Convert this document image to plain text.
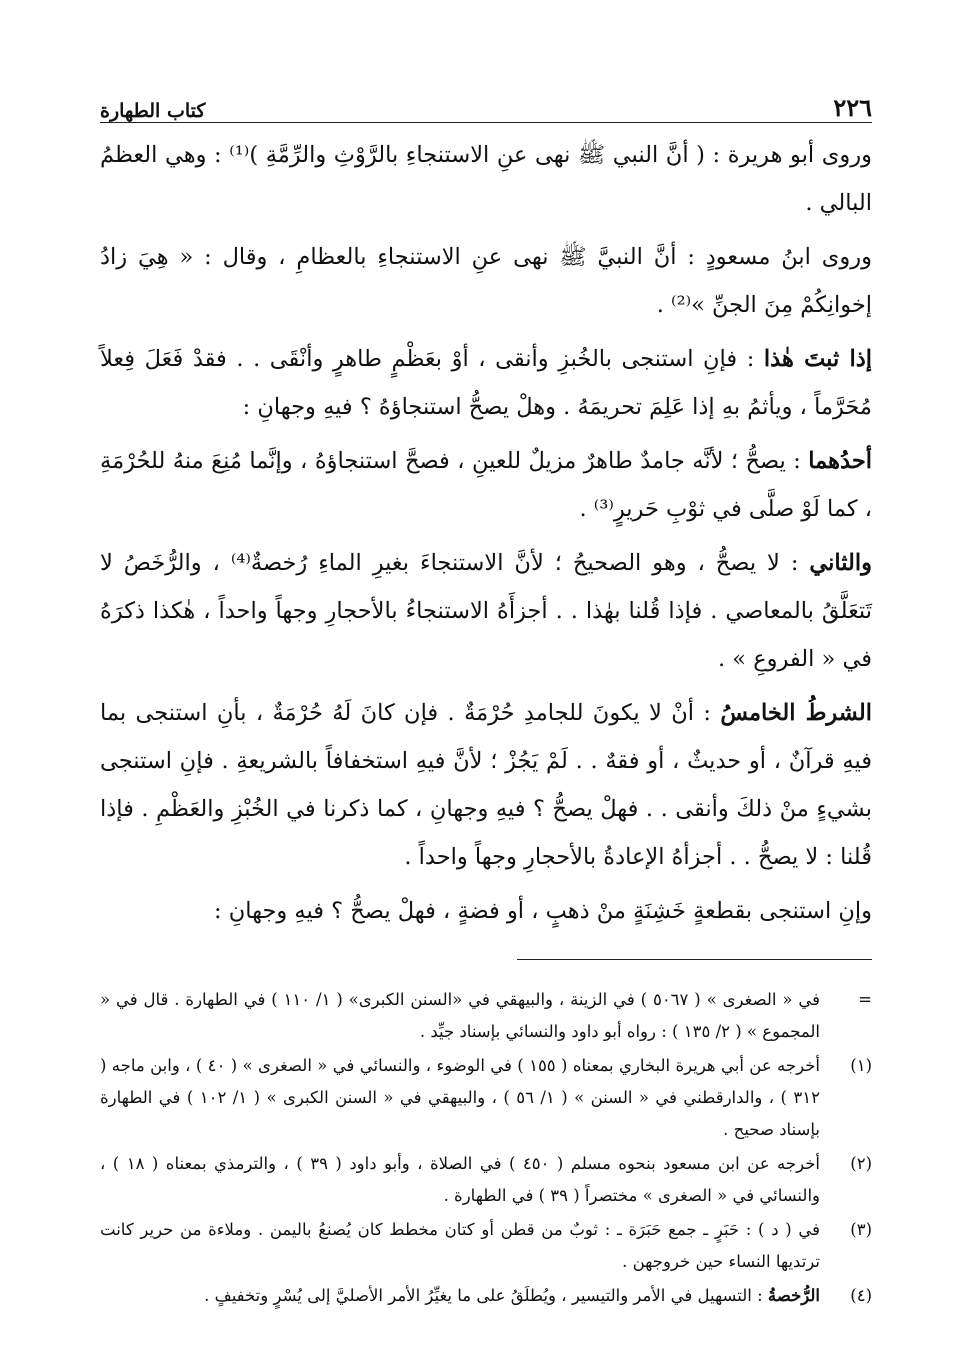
٢٢٦
كتاب الطهارة

وروى أبو هريرة : ( أنَّ النبي ﷺ نهى عنِ الاستنجاءِ بالرَّوْثِ والرِّمَّةِ )⁽¹⁾ : وهي العظمُ البالي .

وروى ابنُ مسعودٍ : أنَّ النبيَّ ﷺ نهى عنِ الاستنجاءِ بالعظامِ ، وقال : « هِيَ زادُ إخوانِكُمْ مِنَ الجنِّ »⁽²⁾ .

إذا ثبتَ هٰذا : فإنِ استنجى بالخُبزِ وأنقى ، أوْ بعَظْمٍ طاهرٍ وأنْقَى . . فقدْ فَعَلَ فِعلاً مُحَرَّماً ، ويأثمُ بهِ إذا عَلِمَ تحريمَهُ . وهلْ يصحُّ استنجاؤهُ ؟ فيهِ وجهانِ :

أحدُهما : يصحُّ ؛ لأنَّه جامدٌ طاهرٌ مزيلٌ للعينِ ، فصحَّ استنجاؤهُ ، وإنَّما مُنِعَ منهُ للحُرْمَةِ ، كما لَوْ صلَّى في ثوْبِ حَريرٍ⁽³⁾ .

والثاني : لا يصحُّ ، وهو الصحيحُ ؛ لأنَّ الاستنجاءَ بغيرِ الماءِ رُخصةٌ⁽⁴⁾ ، والرُّخَصُ لا تَتعَلَّقُ بالمعاصي . فإذا قُلنا بهٰذا . . أجزأَهُ الاستنجاءُ بالأحجارِ وجهاً واحداً ، هٰكذا ذكرَهُ في « الفروعِ » .

الشرطُ الخامسُ : أنْ لا يكونَ للجامدِ حُرْمَةٌ . فإن كانَ لَهُ حُرْمَةٌ ، بأنِ استنجى بما فيهِ قرآنٌ ، أو حديثٌ ، أو فقهٌ . . لَمْ يَجُزْ ؛ لأنَّ فيهِ استخفافاً بالشريعةِ . فإنِ استنجى بشيءٍ منْ ذلكَ وأنقى . . فهلْ يصحُّ ؟ فيهِ وجهانِ ، كما ذكرنا في الخُبْزِ والعَظْمِ . فإذا قُلنا : لا يصحُّ . . أجزأهُ الإعادةُ بالأحجارِ وجهاً واحداً .

وإنِ استنجى بقطعةٍ خَشِنَةٍ منْ ذهبٍ ، أو فضةٍ ، فهلْ يصحُّ ؟ فيهِ وجهانِ :

=
في « الصغرى » ( ٥٠٦٧ ) في الزينة ، والبيهقي في «السنن الكبرى» ( ١/ ١١٠ ) في الطهارة . قال في « المجموع » ( ٢/ ١٣٥ ) : رواه أبو داود والنسائي بإسناد جيِّد .
(١)
أخرجه عن أبي هريرة البخاري بمعناه ( ١٥٥ ) في الوضوء ، والنسائي في « الصغرى » ( ٤٠ ) ، وابن ماجه ( ٣١٢ ) ، والدارقطني في « السنن » ( ١/ ٥٦ ) ، والبيهقي في « السنن الكبرى » ( ١/ ١٠٢ ) في الطهارة بإسناد صحيح .
(٢)
أخرجه عن ابن مسعود بنحوه مسلم ( ٤٥٠ ) في الصلاة ، وأبو داود ( ٣٩ ) ، والترمذي بمعناه ( ١٨ ) ، والنسائي في « الصغرى » مختصراً ( ٣٩ ) في الطهارة .
(٣)
في ( د ) : حَبَرٍ ـ جمع حَبَرَة ـ : ثوبٌ من قطن أو كتان مخطط كان يُصنعُ باليمن . وملاءة من حرير كانت ترتديها النساء حين خروجهن .
(٤)
الرُّخصةُ : التسهيل في الأمر والتيسير ، ويُطلَقُ على ما يغيِّرُ الأمر الأصليَّ إلى يُسْرٍ وتخفيفٍ .
